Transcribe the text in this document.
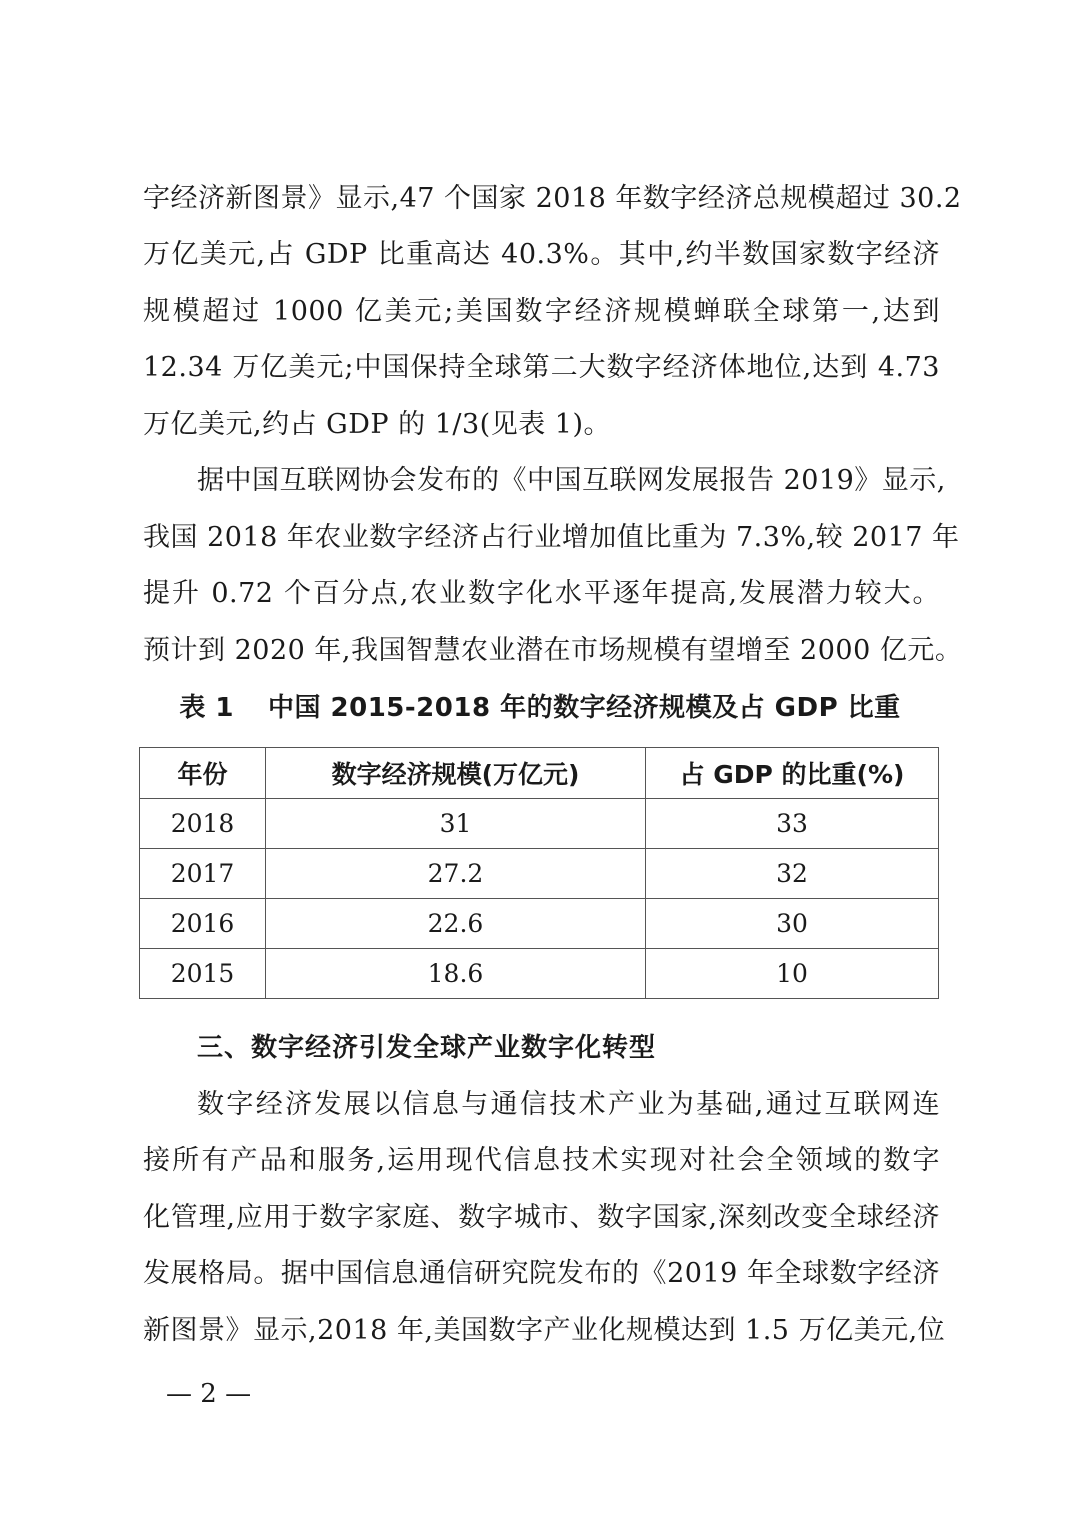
字经济新图景》显示,47 个国家 2018 年数字经济总规模超过 30.2
万亿美元,占 GDP 比重高达 40.3%。其中,约半数国家数字经济
规模超过 1000 亿美元;美国数字经济规模蝉联全球第一,达到
12.34 万亿美元;中国保持全球第二大数字经济体地位,达到 4.73
万亿美元,约占 GDP 的 1/3(见表 1)。
据中国互联网协会发布的《中国互联网发展报告 2019》显示,
我国 2018 年农业数字经济占行业增加值比重为 7.3%,较 2017 年
提升 0.72 个百分点,农业数字化水平逐年提高,发展潜力较大。
预计到 2020 年,我国智慧农业潜在市场规模有望增至 2000 亿元。
表 1 中国 2015-2018 年的数字经济规模及占 GDP 比重
年份	数字经济规模(万亿元)	占 GDP 的比重(%)
2018	31	33
2017	27.2	32
2016	22.6	30
2015	18.6	10
三、数字经济引发全球产业数字化转型
数字经济发展以信息与通信技术产业为基础,通过互联网连
接所有产品和服务,运用现代信息技术实现对社会全领域的数字
化管理,应用于数字家庭、数字城市、数字国家,深刻改变全球经济
发展格局。据中国信息通信研究院发布的《2019 年全球数字经济
新图景》显示,2018 年,美国数字产业化规模达到 1.5 万亿美元,位
— 2 —
